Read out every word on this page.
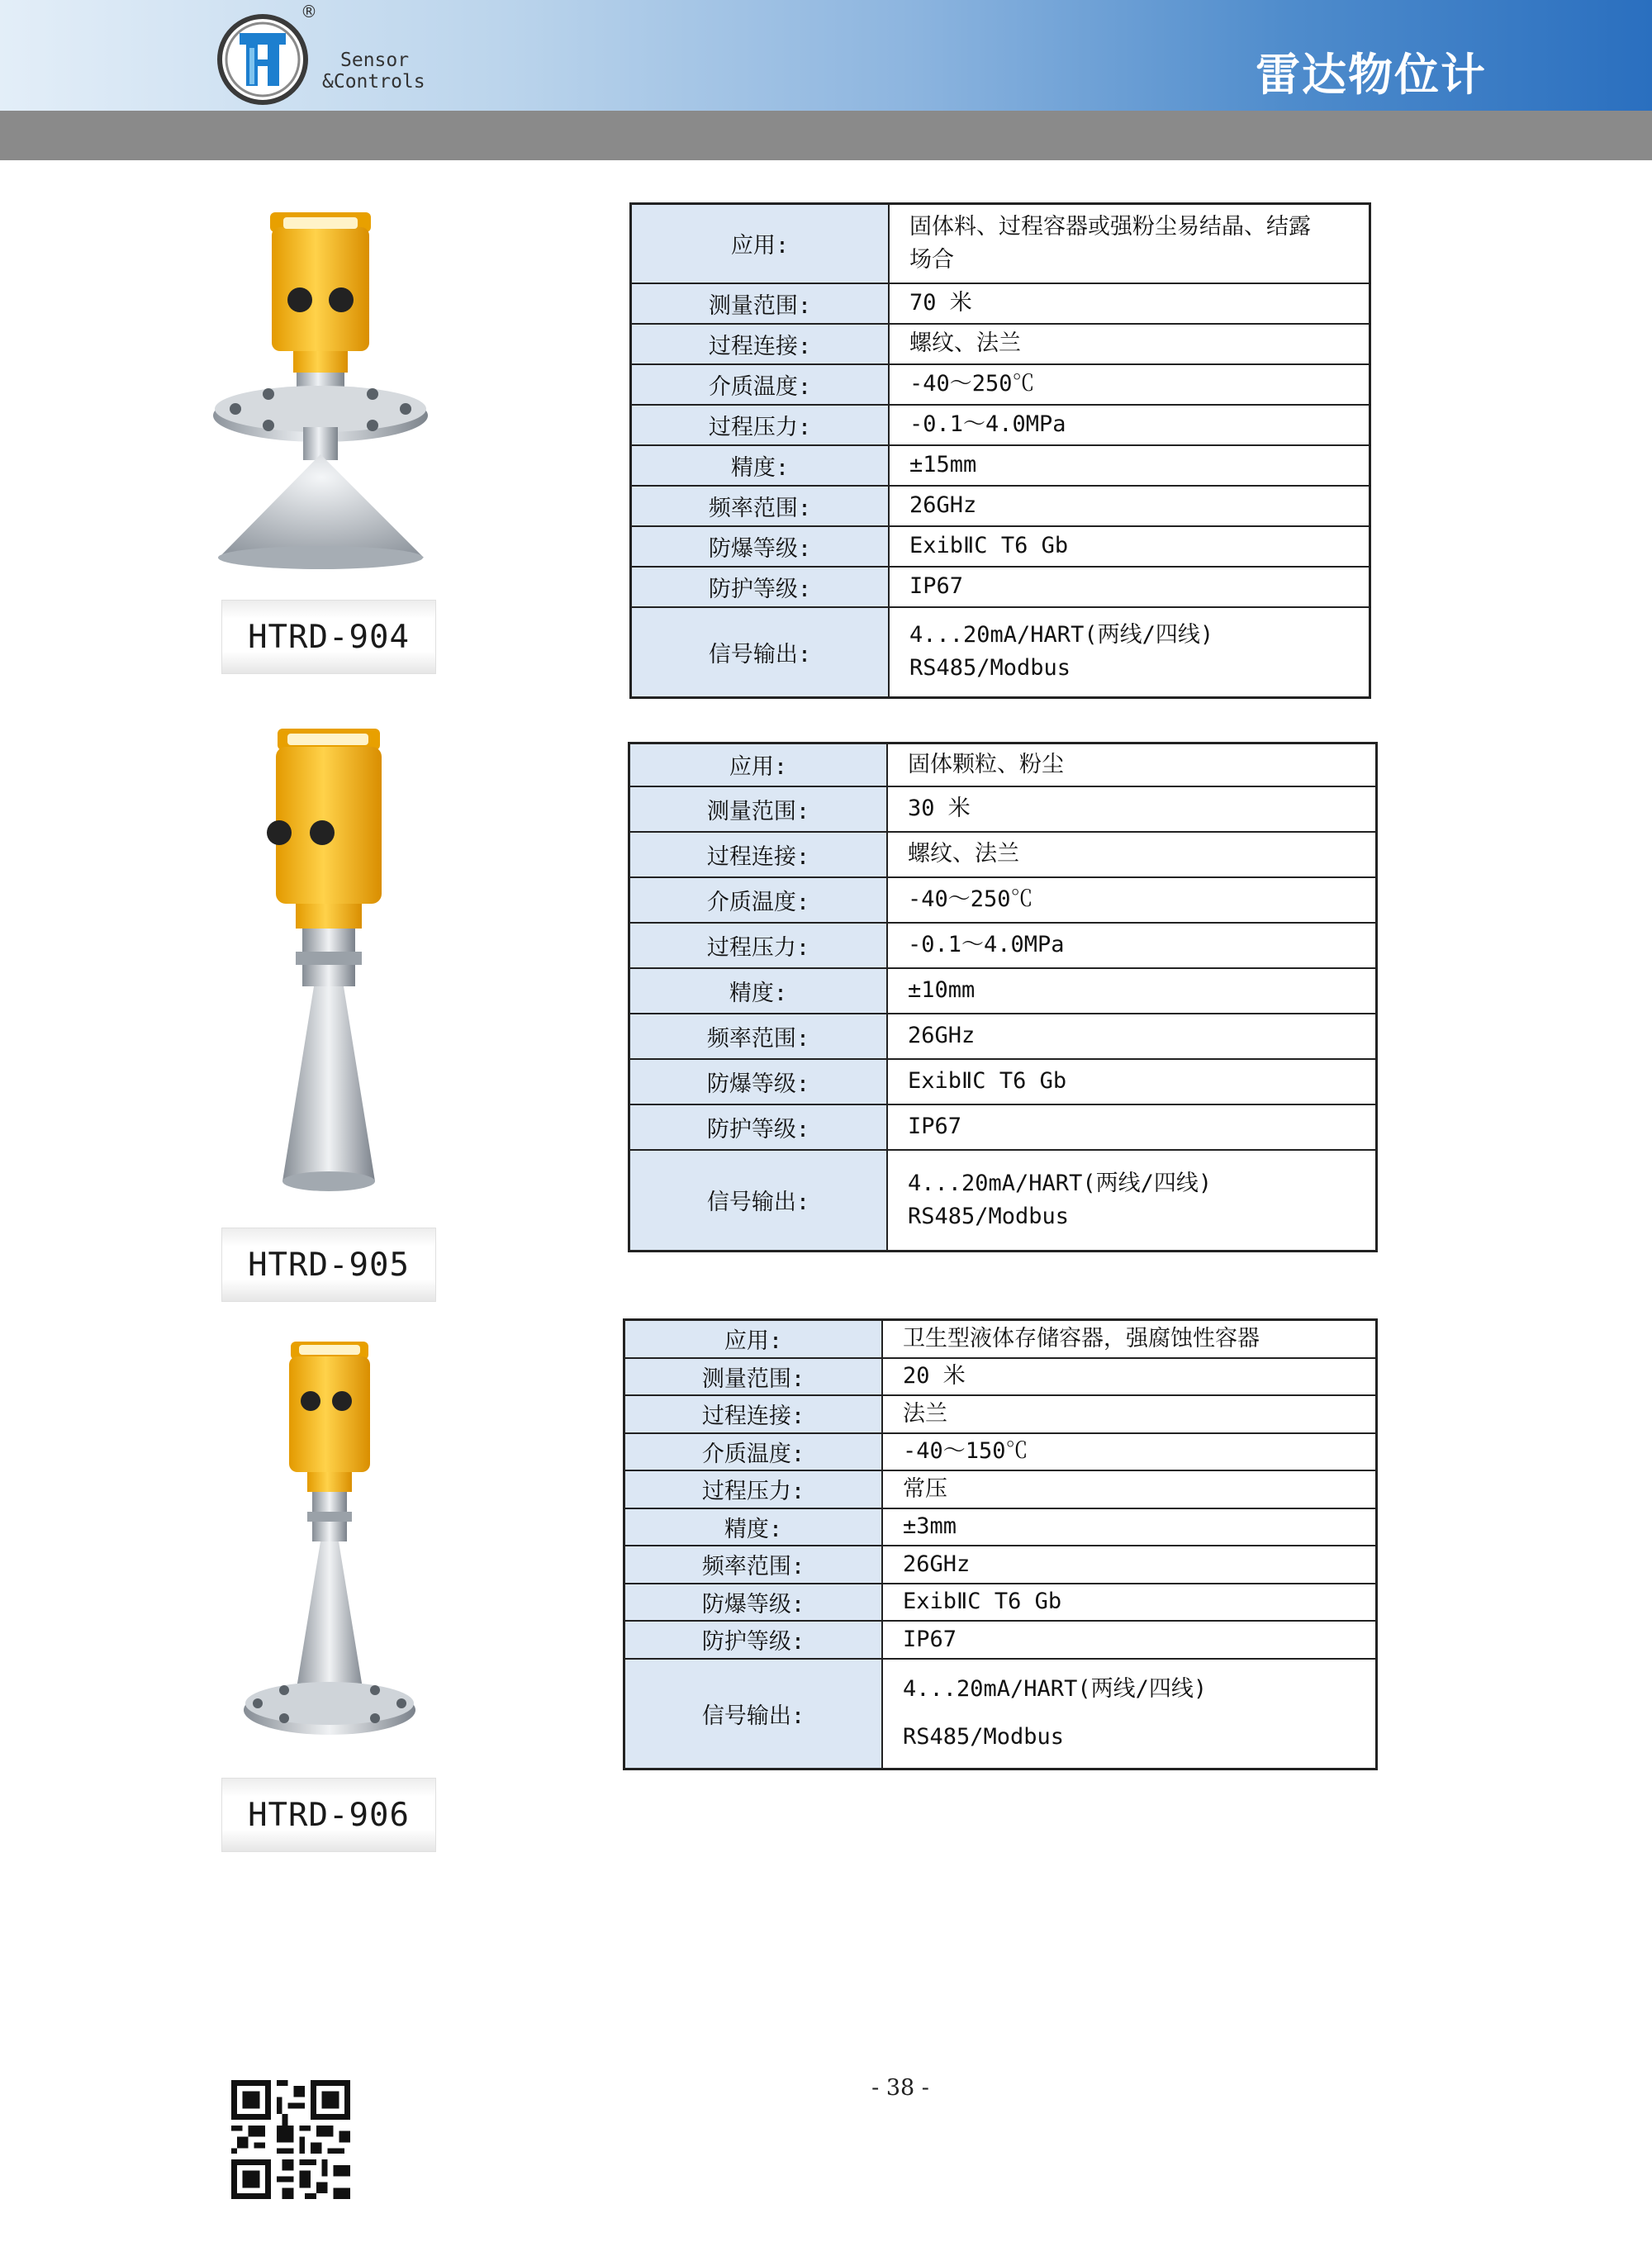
®
Sensor
&Controls	雷达物位计
HTRD-904
应用:	固体料、过程容器或强粉尘易结晶、结露
场合

测量范围:	70 米
过程连接:	螺纹、法兰
介质温度:	-40～250℃
过程压力:	-0.1～4.0MPa
精度:	±15mm
频率范围:	26GHz
防爆等级:	ExibⅡC T6 Gb
防护等级:	IP67
信号输出:	4...20mA/HART(两线/四线)
RS485/Modbus
HTRD-905
应用:	固体颗粒、粉尘
测量范围:	30 米
过程连接:	螺纹、法兰
介质温度:	-40～250℃
过程压力:	-0.1～4.0MPa
精度:	±10mm
频率范围:	26GHz
防爆等级:	ExibⅡC T6 Gb
防护等级:	IP67
信号输出:	4...20mA/HART(两线/四线)
RS485/Modbus
HTRD-906
应用:	卫生型液体存储容器，强腐蚀性容器
测量范围:	20 米
过程连接:	法兰
介质温度:	-40～150℃
过程压力:	常压
精度:	±3mm
频率范围:	26GHz
防爆等级:	ExibⅡC T6 Gb
防护等级:	IP67
信号输出:	4...20mA/HART(两线/四线)
RS485/Modbus
- 38 -
